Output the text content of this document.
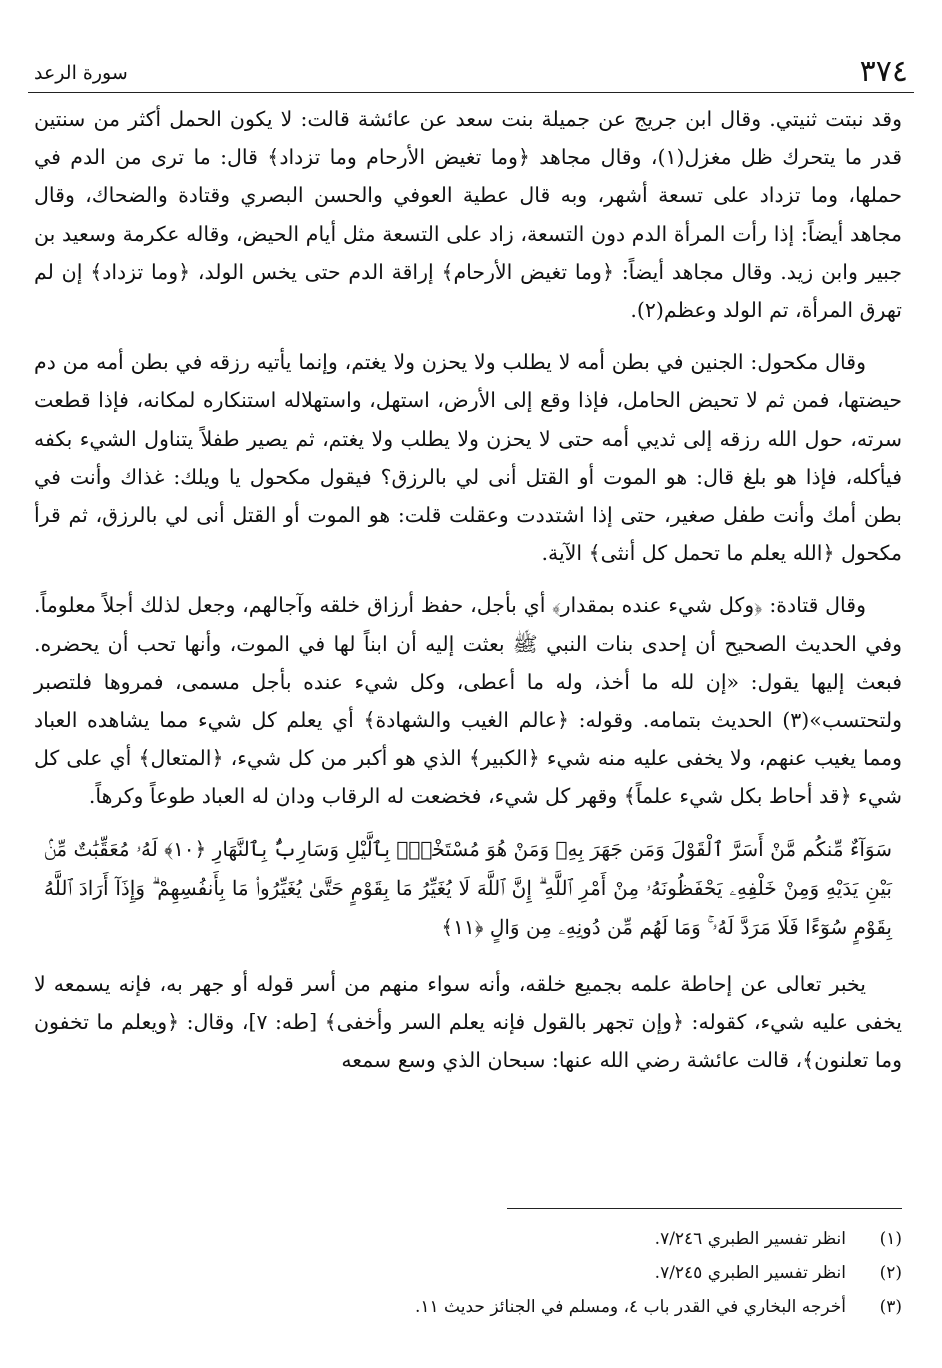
٣٧٤
سورة الرعد

وقد نبتت ثنيتي. وقال ابن جريج عن جميلة بنت سعد عن عائشة قالت: لا يكون الحمل أكثر من سنتين قدر ما يتحرك ظل مغزل(١)، وقال مجاهد ﴿وما تغيض الأرحام وما تزداد﴾ قال: ما ترى من الدم في حملها، وما تزداد على تسعة أشهر، وبه قال عطية العوفي والحسن البصري وقتادة والضحاك، وقال مجاهد أيضاً: إذا رأت المرأة الدم دون التسعة، زاد على التسعة مثل أيام الحيض، وقاله عكرمة وسعيد بن جبير وابن زيد. وقال مجاهد أيضاً: ﴿وما تغيض الأرحام﴾ إراقة الدم حتى يخس الولد، ﴿وما تزداد﴾ إن لم تهرق المرأة، تم الولد وعظم(٢).

وقال مكحول: الجنين في بطن أمه لا يطلب ولا يحزن ولا يغتم، وإنما يأتيه رزقه في بطن أمه من دم حيضتها، فمن ثم لا تحيض الحامل، فإذا وقع إلى الأرض، استهل، واستهلاله استنكاره لمكانه، فإذا قطعت سرته، حول الله رزقه إلى ثديي أمه حتى لا يحزن ولا يطلب ولا يغتم، ثم يصير طفلاً يتناول الشيء بكفه فيأكله، فإذا هو بلغ قال: هو الموت أو القتل أنى لي بالرزق؟ فيقول مكحول يا ويلك: غذاك وأنت في بطن أمك وأنت طفل صغير، حتى إذا اشتددت وعقلت قلت: هو الموت أو القتل أنى لي بالرزق، ثم قرأ مكحول ﴿الله يعلم ما تحمل كل أنثى﴾ الآية.

وقال قتادة: ﴿وكل شيء عنده بمقدار﴾ أي بأجل، حفظ أرزاق خلقه وآجالهم، وجعل لذلك أجلاً معلوماً. وفي الحديث الصحيح أن إحدى بنات النبي ﷺ بعثت إليه أن ابناً لها في الموت، وأنها تحب أن يحضره. فبعث إليها يقول: «إن لله ما أخذ، وله ما أعطى، وكل شيء عنده بأجل مسمى، فمروها فلتصبر ولتحتسب»(٣) الحديث بتمامه. وقوله: ﴿عالم الغيب والشهادة﴾ أي يعلم كل شيء مما يشاهده العباد ومما يغيب عنهم، ولا يخفى عليه منه شيء ﴿الكبير﴾ الذي هو أكبر من كل شيء، ﴿المتعال﴾ أي على كل شيء ﴿قد أحاط بكل شيء علماً﴾ وقهر كل شيء، فخضعت له الرقاب ودان له العباد طوعاً وكرهاً.

سَوَآءٌ مِّنكُم مَّنْ أَسَرَّ ٱلْقَوْلَ وَمَن جَهَرَ بِهِۦ وَمَنْ هُوَ مُسْتَخْفٍۭ بِٱلَّيْلِ وَسَارِبٌۢ بِٱلنَّهَارِ ﴿١٠﴾ لَهُۥ مُعَقِّبَٰتٌ مِّنۢ بَيْنِ يَدَيْهِ وَمِنْ خَلْفِهِۦ يَحْفَظُونَهُۥ مِنْ أَمْرِ ٱللَّهِ ۗ إِنَّ ٱللَّهَ لَا يُغَيِّرُ مَا بِقَوْمٍ حَتَّىٰ يُغَيِّرُوا۟ مَا بِأَنفُسِهِمْ ۗ وَإِذَآ أَرَادَ ٱللَّهُ بِقَوْمٍ سُوٓءًا فَلَا مَرَدَّ لَهُۥ ۚ وَمَا لَهُم مِّن دُونِهِۦ مِن وَالٍ ﴿١١﴾

يخبر تعالى عن إحاطة علمه بجميع خلقه، وأنه سواء منهم من أسر قوله أو جهر به، فإنه يسمعه لا يخفى عليه شيء، كقوله: ﴿وإن تجهر بالقول فإنه يعلم السر وأخفى﴾ [طه: ٧]، وقال: ﴿ويعلم ما تخفون وما تعلنون﴾، قالت عائشة رضي الله عنها: سبحان الذي وسع سمعه

(١)
انظر تفسير الطبري ٧/٢٤٦.
(٢)
انظر تفسير الطبري ٧/٢٤٥.
(٣)
أخرجه البخاري في القدر باب ٤، ومسلم في الجنائز حديث ١١.
